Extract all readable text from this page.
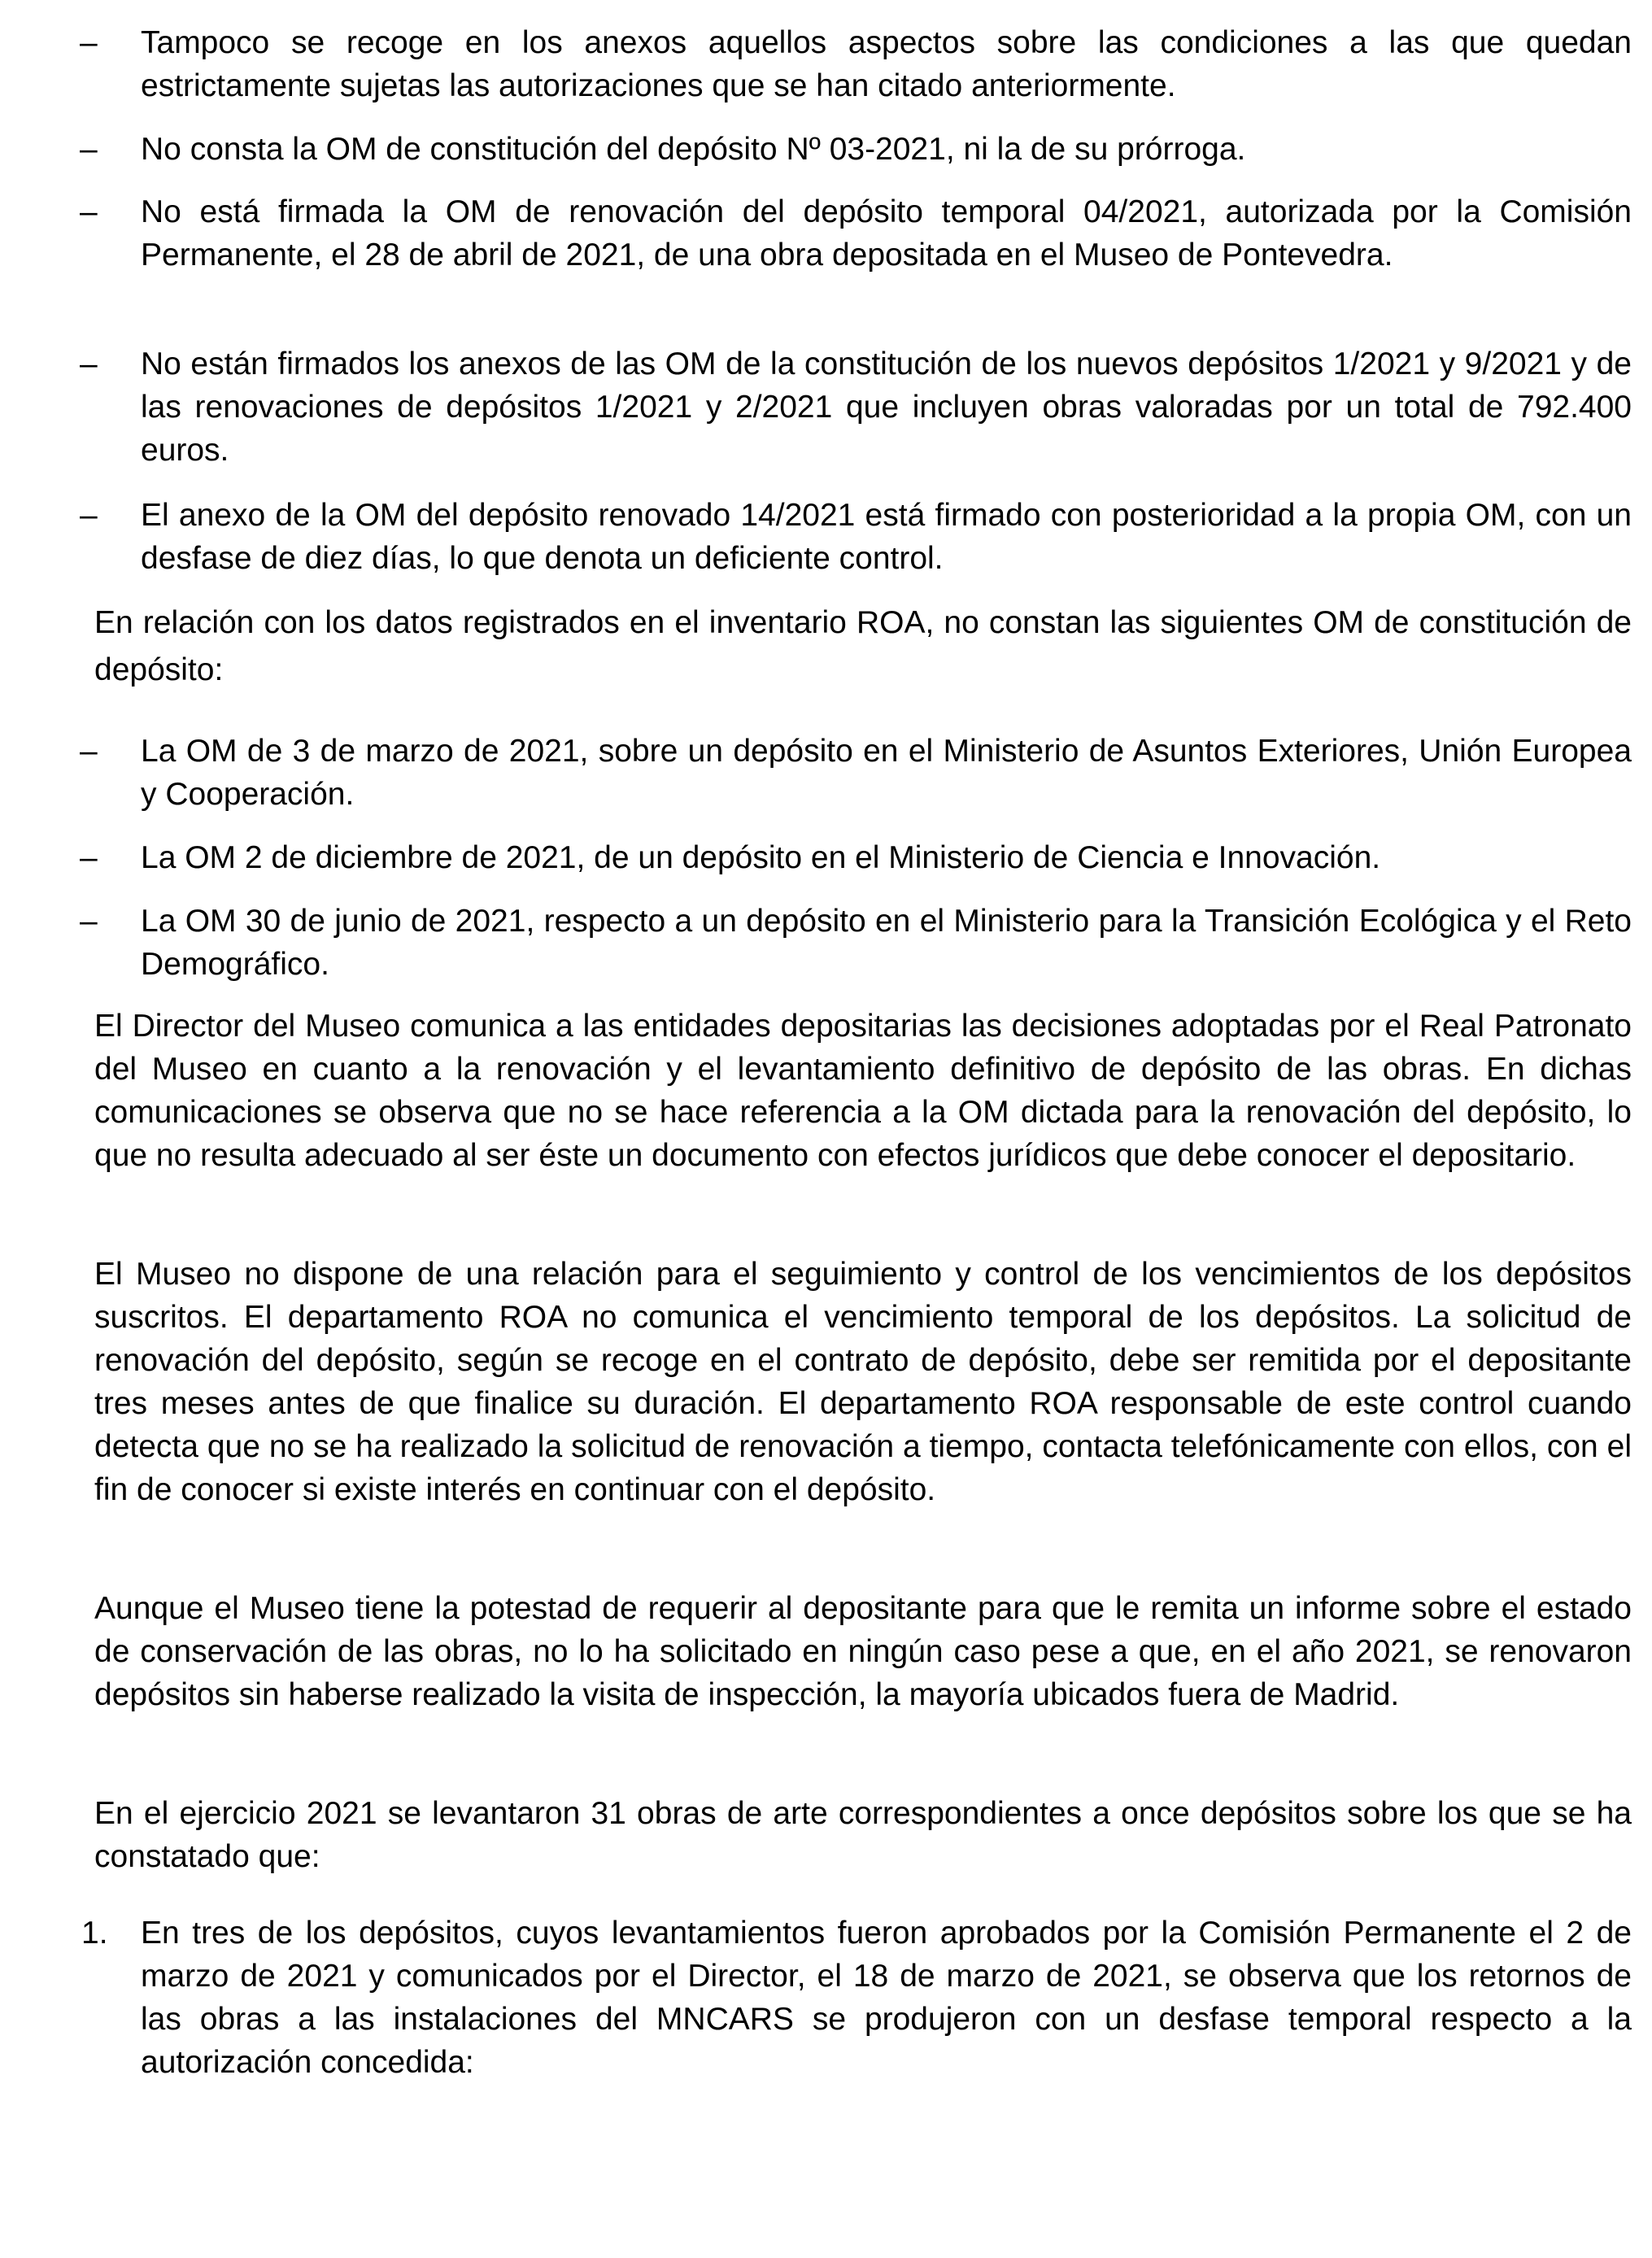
–	Tampoco se recoge en los anexos aquellos aspectos sobre las condiciones a las que quedan estrictamente sujetas las autorizaciones que se han citado anteriormente.
–	No consta la OM de constitución del depósito Nº 03-2021, ni la de su prórroga.
–	No está firmada la OM de renovación del depósito temporal 04/2021, autorizada por la Comisión Permanente, el 28 de abril de 2021, de una obra depositada en el Museo de Pontevedra.
–	No están firmados los anexos de las OM de la constitución de los nuevos depósitos 1/2021 y 9/2021 y de las renovaciones de depósitos 1/2021 y 2/2021 que incluyen obras valoradas por un total de 792.400 euros.
–	El anexo de la OM del depósito renovado 14/2021 está firmado con posterioridad a la propia OM, con un desfase de diez días, lo que denota un deficiente control.
En relación con los datos registrados en el inventario ROA, no constan las siguientes OM de constitución de depósito:
–	La OM de 3 de marzo de 2021, sobre un depósito en el Ministerio de Asuntos Exteriores, Unión Europea y Cooperación.
–	La OM 2 de diciembre de 2021, de un depósito en el Ministerio de Ciencia e Innovación.
–	La OM 30 de junio de 2021, respecto a un depósito en el Ministerio para la Transición Ecológica y el Reto Demográfico.
El Director del Museo comunica a las entidades depositarias las decisiones adoptadas por el Real Patronato del Museo en cuanto a la renovación y el levantamiento definitivo de depósito de las obras. En dichas comunicaciones se observa que no se hace referencia a la OM dictada para la renovación del depósito, lo que no resulta adecuado al ser éste un documento con efectos jurídicos que debe conocer el depositario.
El Museo no dispone de una relación para el seguimiento y control de los vencimientos de los depósitos suscritos. El departamento ROA no comunica el vencimiento temporal de los depósitos. La solicitud de renovación del depósito, según se recoge en el contrato de depósito, debe ser remitida por el depositante tres meses antes de que finalice su duración. El departamento ROA responsable de este control cuando detecta que no se ha realizado la solicitud de renovación a tiempo, contacta telefónicamente con ellos, con el fin de conocer si existe interés en continuar con el depósito.
Aunque el Museo tiene la potestad de requerir al depositante para que le remita un informe sobre el estado de conservación de las obras, no lo ha solicitado en ningún caso pese a que, en el año 2021, se renovaron depósitos sin haberse realizado la visita de inspección, la mayoría ubicados fuera de Madrid.
En el ejercicio 2021 se levantaron 31 obras de arte correspondientes a once depósitos sobre los que se ha constatado que:
1.	En tres de los depósitos, cuyos levantamientos fueron aprobados por la Comisión Permanente el 2 de marzo de 2021 y comunicados por el Director, el 18 de marzo de 2021, se observa que los retornos de las obras a las instalaciones del MNCARS se produjeron con un desfase temporal respecto a la autorización concedida:
